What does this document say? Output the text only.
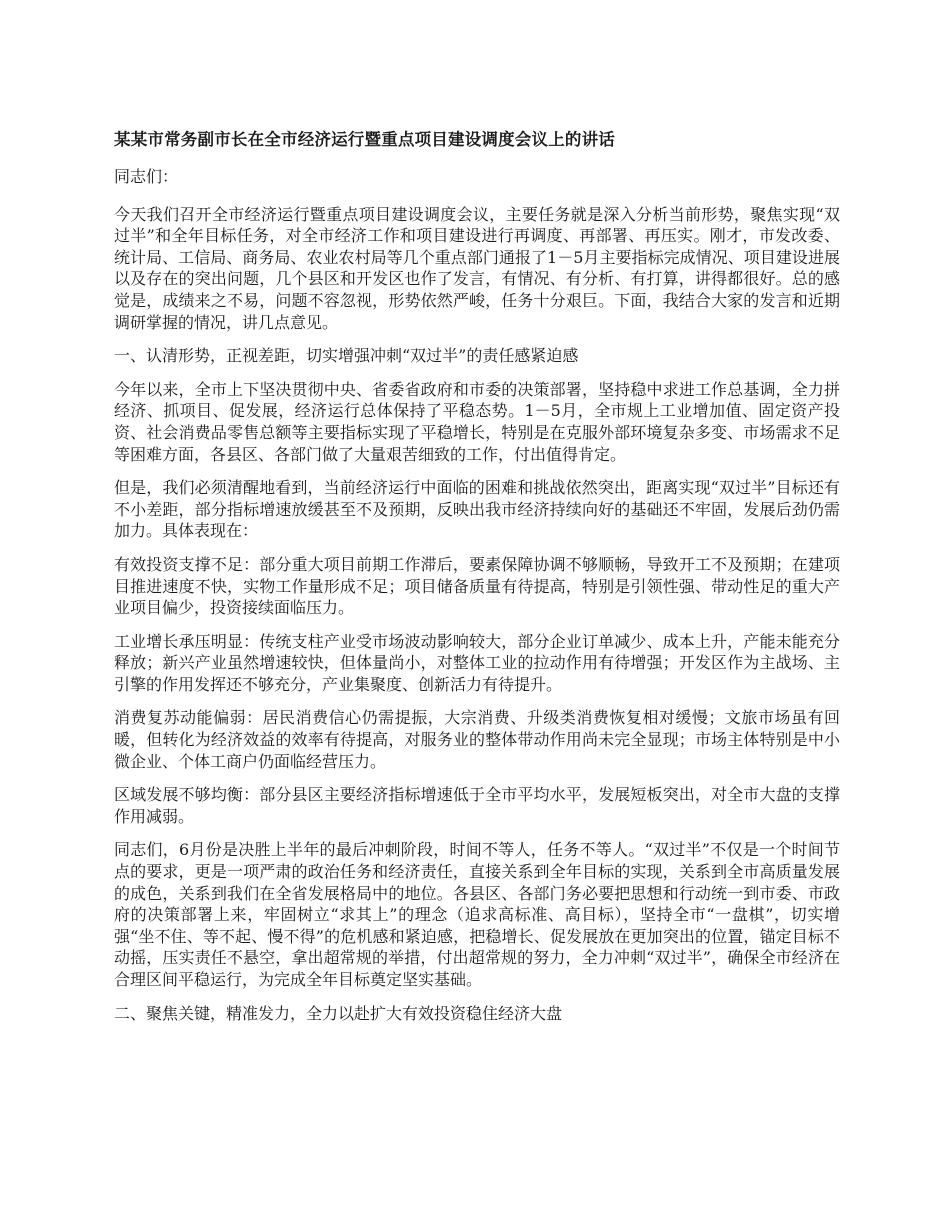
某某市常务副市长在全市经济运行暨重点项目建设调度会议上的讲话

同志们：

今天我们召开全市经济运行暨重点项目建设调度会议，主要任务就是深入分析当前形势，聚焦实现“双过半”和全年目标任务，对全市经济工作和项目建设进行再调度、再部署、再压实。刚才，市发改委、统计局、工信局、商务局、农业农村局等几个重点部门通报了1－5月主要指标完成情况、项目建设进展以及存在的突出问题，几个县区和开发区也作了发言，有情况、有分析、有打算，讲得都很好。总的感觉是，成绩来之不易，问题不容忽视，形势依然严峻，任务十分艰巨。下面，我结合大家的发言和近期调研掌握的情况，讲几点意见。

一、认清形势，正视差距，切实增强冲刺“双过半”的责任感紧迫感

今年以来，全市上下坚决贯彻中央、省委省政府和市委的决策部署，坚持稳中求进工作总基调，全力拼经济、抓项目、促发展，经济运行总体保持了平稳态势。1－5月，全市规上工业增加值、固定资产投资、社会消费品零售总额等主要指标实现了平稳增长，特别是在克服外部环境复杂多变、市场需求不足等困难方面，各县区、各部门做了大量艰苦细致的工作，付出值得肯定。

但是，我们必须清醒地看到，当前经济运行中面临的困难和挑战依然突出，距离实现“双过半”目标还有不小差距，部分指标增速放缓甚至不及预期，反映出我市经济持续向好的基础还不牢固，发展后劲仍需加力。具体表现在：

有效投资支撑不足：部分重大项目前期工作滞后，要素保障协调不够顺畅，导致开工不及预期；在建项目推进速度不快，实物工作量形成不足；项目储备质量有待提高，特别是引领性强、带动性足的重大产业项目偏少，投资接续面临压力。

工业增长承压明显：传统支柱产业受市场波动影响较大，部分企业订单减少、成本上升，产能未能充分释放；新兴产业虽然增速较快，但体量尚小，对整体工业的拉动作用有待增强；开发区作为主战场、主引擎的作用发挥还不够充分，产业集聚度、创新活力有待提升。

消费复苏动能偏弱：居民消费信心仍需提振，大宗消费、升级类消费恢复相对缓慢；文旅市场虽有回暖，但转化为经济效益的效率有待提高，对服务业的整体带动作用尚未完全显现；市场主体特别是中小微企业、个体工商户仍面临经营压力。

区域发展不够均衡：部分县区主要经济指标增速低于全市平均水平，发展短板突出，对全市大盘的支撑作用减弱。

同志们，6月份是决胜上半年的最后冲刺阶段，时间不等人，任务不等人。“双过半”不仅是一个时间节点的要求，更是一项严肃的政治任务和经济责任，直接关系到全年目标的实现，关系到全市高质量发展的成色，关系到我们在全省发展格局中的地位。各县区、各部门务必要把思想和行动统一到市委、市政府的决策部署上来，牢固树立“求其上”的理念（追求高标准、高目标），坚持全市“一盘棋”，切实增强“坐不住、等不起、慢不得”的危机感和紧迫感，把稳增长、促发展放在更加突出的位置，锚定目标不动摇，压实责任不悬空，拿出超常规的举措，付出超常规的努力，全力冲刺“双过半”，确保全市经济在合理区间平稳运行，为完成全年目标奠定坚实基础。

二、聚焦关键，精准发力，全力以赴扩大有效投资稳住经济大盘
